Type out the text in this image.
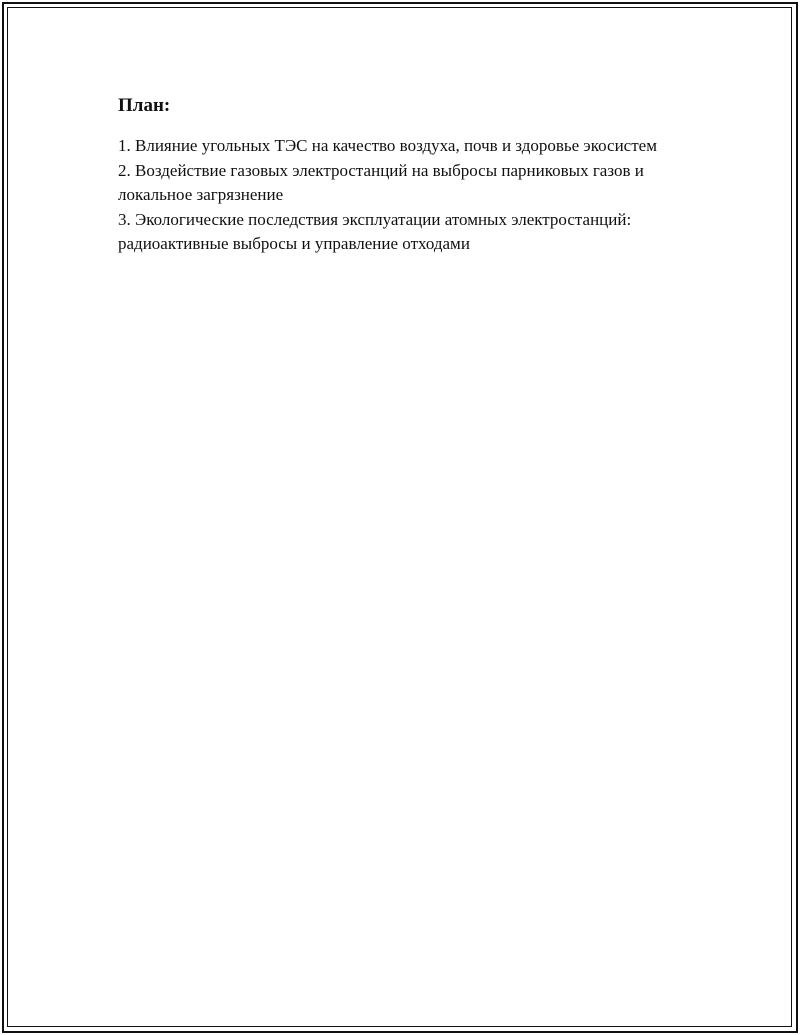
План:
1. Влияние угольных ТЭС на качество воздуха, почв и здоровье экосистем
2. Воздействие газовых электростанций на выбросы парниковых газов и локальное загрязнение
3. Экологические последствия эксплуатации атомных электростанций: радиоактивные выбросы и управление отходами
